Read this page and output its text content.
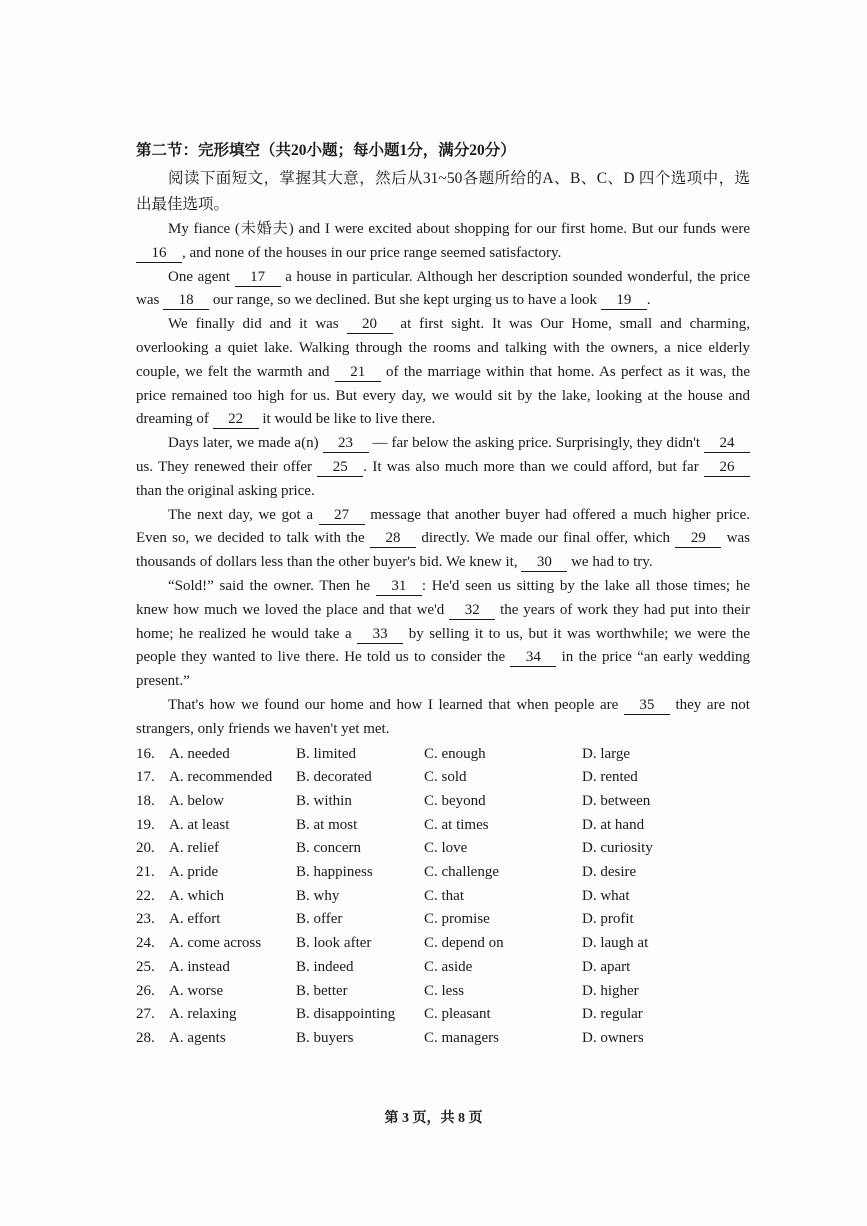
第二节：完形填空（共20小题；每小题1分，满分20分）

阅读下面短文，掌握其大意，然后从31~50各题所给的A、B、C、D 四个选项中，选出最佳选项。

My fiance (未婚夫) and I were excited about shopping for our first home. But our funds were16 , and none of the houses in our price range seemed satisfactory.

One agent 17 a house in particular. Although her description sounded wonderful, the price was 18 our range, so we declined. But she kept urging us to have a look 19 .

We finally did and it was 20 at first sight. It was Our Home, small and charming, overlooking a quiet lake. Walking through the rooms and talking with the owners, a nice elderly couple, we felt the warmth and 21 of the marriage within that home. As perfect as it was, the price remained too high for us. But every day, we would sit by the lake, looking at the house and dreaming of 22 it would be like to live there.

Days later, we made a(n) 23 — far below the asking price. Surprisingly, they didn't 24 us. They renewed their offer 25 . It was also much more than we could afford, but far 26 than the original asking price.

The next day, we got a 27 message that another buyer had offered a much higher price. Even so, we decided to talk with the 28 directly. We made our final offer, which 29 was thousands of dollars less than the other buyer's bid. We knew it, 30 we had to try.

“Sold!” said the owner. Then he 31 : He'd seen us sitting by the lake all those times; he knew how much we loved the place and that we'd 32 the years of work they had put into their home; he realized he would take a 33 by selling it to us, but it was worthwhile; we were the people they wanted to live there. He told us to consider the 34 in the price “an early wedding present.”

That's how we found our home and how I learned that when people are 35 they are not strangers, only friends we haven't yet met.

16. A. needed	B. limited	C. enough	D. large
17. A. recommended	B. decorated	C. sold	D. rented
18. A. below	B. within	C. beyond	D. between
19. A. at least	B. at most	C. at times	D. at hand
20. A. relief	B. concern	C. love	D. curiosity
21. A. pride	B. happiness	C. challenge	D. desire
22. A. which	B. why	C. that	D. what
23. A. effort	B. offer	C. promise	D. profit
24. A. come across	B. look after	C. depend on	D. laugh at
25. A. instead	B. indeed	C. aside	D. apart
26. A. worse	B. better	C. less	D. higher
27. A. relaxing	B. disappointing	C. pleasant	D. regular
28. A. agents	B. buyers	C. managers	D. owners
第 3 页，共 8 页
